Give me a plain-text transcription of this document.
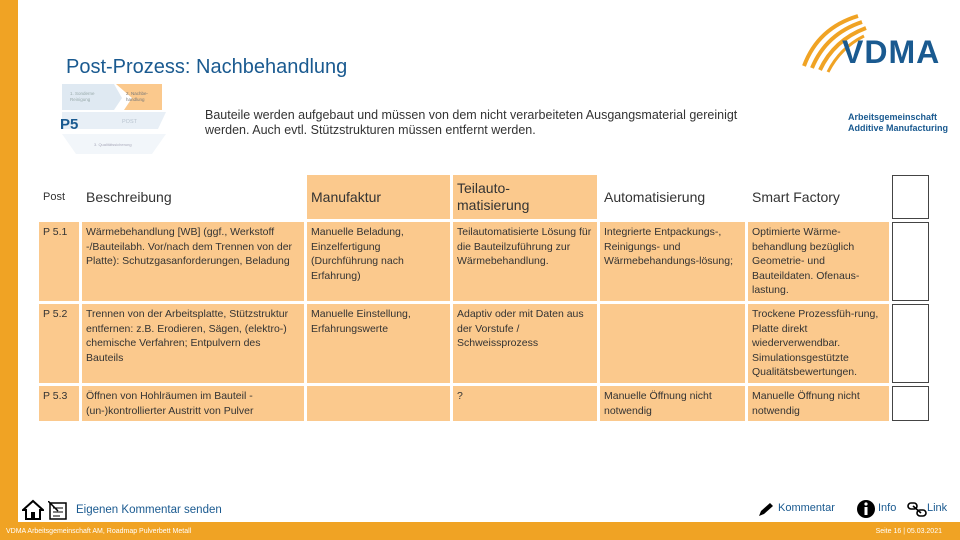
Post-Prozess: Nachbehandlung	VDMA
Arbeitsgemeinschaft
Additive Manufacturing
1. Sonderne
Reinigung
2. Nachbe-
handlung
POST
3. Qualitätssicherung
P5
Bauteile werden aufgebaut und müssen von dem nicht verarbeiteten Ausgangsmaterial gereinigt werden. Auch evtl. Stützstrukturen müssen entfernt werden.
Post	Beschreibung	Manufaktur	Teilauto-
matisierung	Automatisierung	Smart Factory	
P 5.1	Wärmebehandlung [WB] (ggf., Werkstoff -/Bauteilabh. Vor/nach dem Trennen von der Platte): Schutzgasanforderungen, Beladung	Manuelle Beladung, Einzelfertigung (Durchführung nach Erfahrung)	Teilautomatisierte Lösung für die Bauteilzuführung zur Wärmebehandlung.	Integrierte Entpackungs-, Reinigungs- und Wärmebehandungs-lösung;	Optimierte Wärme-behandlung bezüglich Geometrie- und Bauteildaten. Ofenaus-lastung.	
P 5.2	Trennen von der Arbeitsplatte, Stützstruktur entfernen: z.B. Erodieren, Sägen, (elektro-) chemische Verfahren; Entpulvern des Bauteils	Manuelle Einstellung, Erfahrungswerte	Adaptiv oder mit Daten aus der Vorstufe / Schweissprozess		Trockene Prozessfüh-rung, Platte direkt wiederverwendbar. Simulationsgestützte Qualitätsbewertungen.	
P 5.3	Öffnen von Hohlräumen im Bauteil - (un-)kontrollierter Austritt von Pulver		?	Manuelle Öffnung nicht notwendig	Manuelle Öffnung nicht notwendig	
Eigenen Kommentar senden	Kommentar	Info	Link
VDMA Arbeitsgemeinschaft AM, Roadmap Pulverbett Metall	Seite 16 | 05.03.2021
